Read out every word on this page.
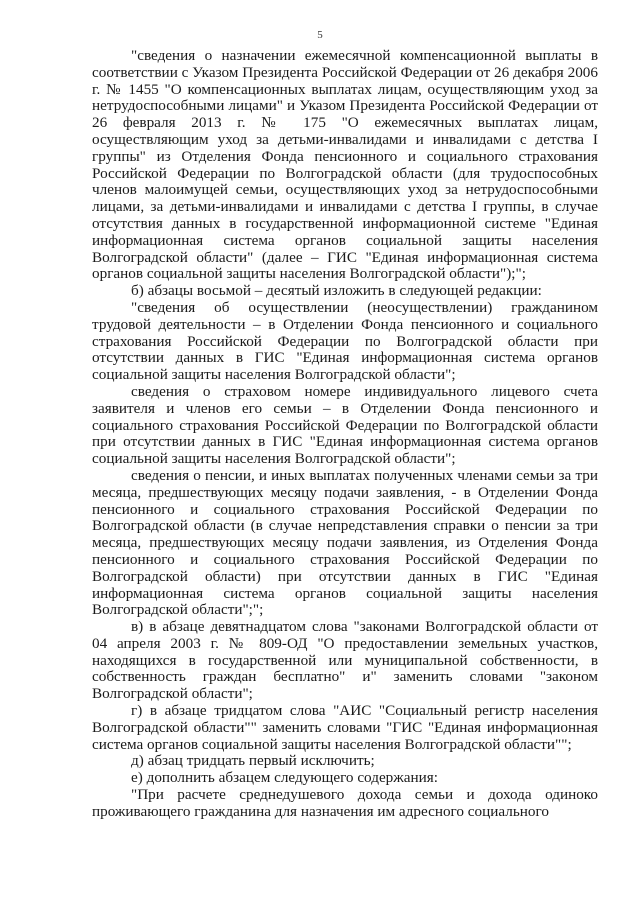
5

"сведения о назначении ежемесячной компенсационной выплаты в соответствии с Указом Президента Российской Федерации от 26 декабря 2006 г. № 1455 "О компенсационных выплатах лицам, осуществляющим уход за нетрудоспособными лицами" и Указом Президента Российской Федерации от 26 февраля 2013 г. № 175 "О ежемесячных выплатах лицам, осуществляющим уход за детьми-инвалидами и инвалидами с детства I группы" из Отделения Фонда пенсионного и социального страхования Российской Федерации по Волгоградской области (для трудоспособных членов малоимущей семьи, осуществляющих уход за нетрудоспособными лицами, за детьми-инвалидами и инвалидами с детства I группы, в случае отсутствия данных в государственной информационной системе "Единая информационная система органов социальной защиты населения Волгоградской области" (далее – ГИС "Единая информационная система органов социальной защиты населения Волгоградской области");";

б) абзацы восьмой – десятый изложить в следующей редакции:

"сведения об осуществлении (неосуществлении) гражданином трудовой деятельности – в Отделении Фонда пенсионного и социального страхования Российской Федерации по Волгоградской области при отсутствии данных в ГИС "Единая информационная система органов социальной защиты населения Волгоградской области";

сведения о страховом номере индивидуального лицевого счета заявителя и членов его семьи – в Отделении Фонда пенсионного и социального страхования Российской Федерации по Волгоградской области при отсутствии данных в ГИС "Единая информационная система органов социальной защиты населения Волгоградской области";

сведения о пенсии, и иных выплатах полученных членами семьи за три месяца, предшествующих месяцу подачи заявления, - в Отделении Фонда пенсионного и социального страхования Российской Федерации по Волгоградской области (в случае непредставления справки о пенсии за три месяца, предшествующих месяцу подачи заявления, из Отделения Фонда пенсионного и социального страхования Российской Федерации по Волгоградской области) при отсутствии данных в ГИС "Единая информационная система органов социальной защиты населения Волгоградской области";";

в) в абзаце девятнадцатом слова "законами Волгоградской области от 04 апреля 2003 г. № 809-ОД "О предоставлении земельных участков, находящихся в государственной или муниципальной собственности, в собственность граждан бесплатно" и" заменить словами "законом Волгоградской области";

г) в абзаце тридцатом слова "АИС "Социальный регистр населения Волгоградской области"" заменить словами "ГИС "Единая информационная система органов социальной защиты населения Волгоградской области"";

д) абзац тридцать первый исключить;

е) дополнить абзацем следующего содержания:

"При расчете среднедушевого дохода семьи и дохода одиноко проживающего гражданина для назначения им адресного социального
